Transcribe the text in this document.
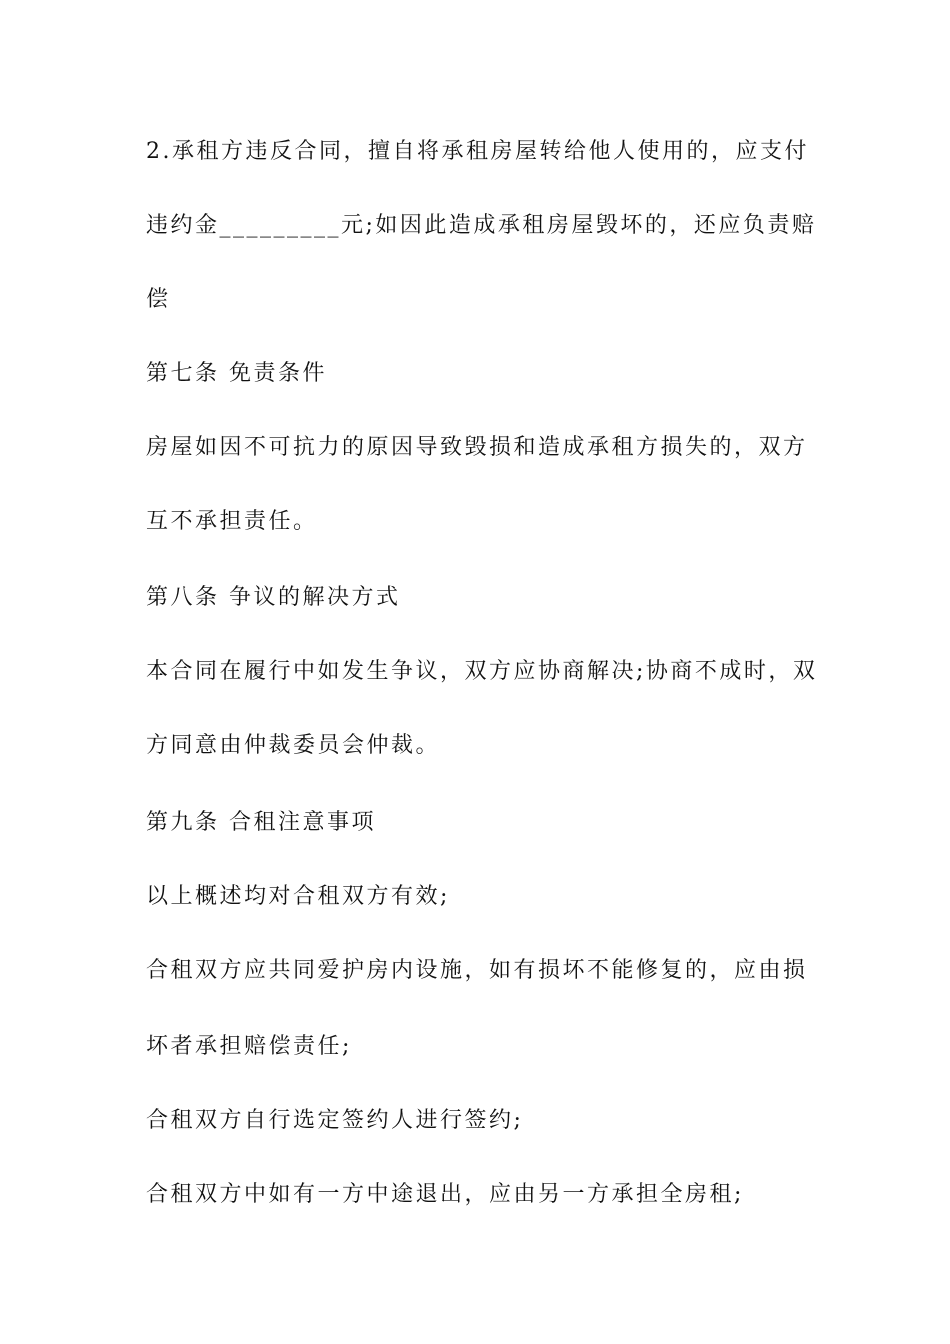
2.承租方违反合同，擅自将承租房屋转给他人使用的，应支付
违约金_________元;如因此造成承租房屋毁坏的，还应负责赔
偿
第七条 免责条件
房屋如因不可抗力的原因导致毁损和造成承租方损失的，双方
互不承担责任。
第八条 争议的解决方式
本合同在履行中如发生争议，双方应协商解决;协商不成时，双
方同意由仲裁委员会仲裁。
第九条 合租注意事项
以上概述均对合租双方有效;
合租双方应共同爱护房内设施，如有损坏不能修复的，应由损
坏者承担赔偿责任;
合租双方自行选定签约人进行签约;
合租双方中如有一方中途退出，应由另一方承担全房租;
